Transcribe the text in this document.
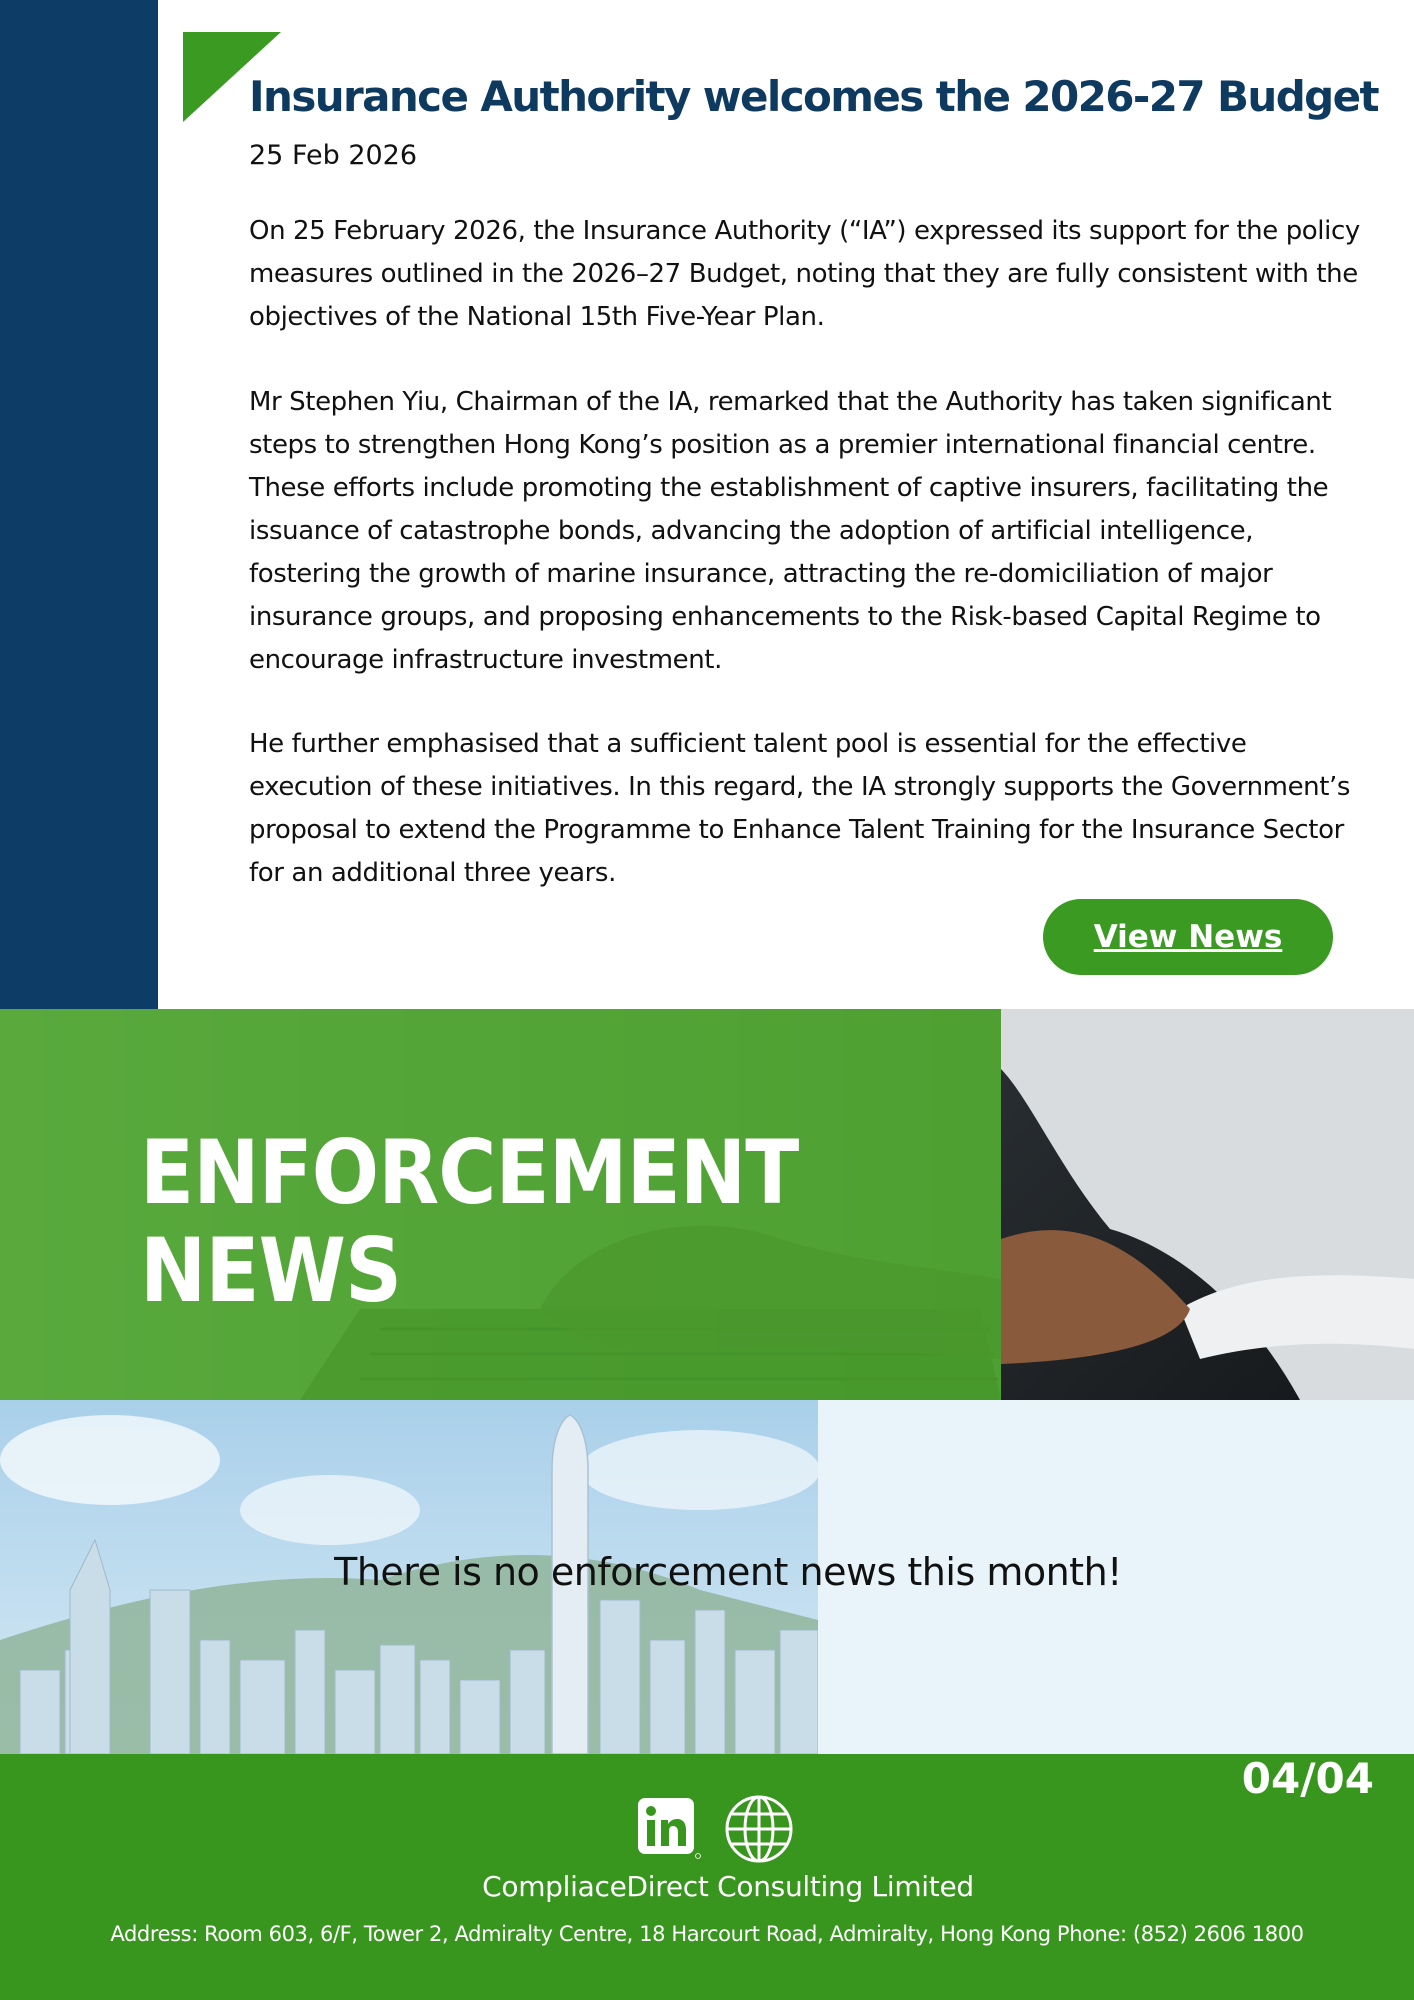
Insurance Authority welcomes the 2026-27 Budget
25 Feb 2026

On 25 February 2026, the Insurance Authority (“IA”) expressed its support for the policy measures outlined in the 2026–27 Budget, noting that they are fully consistent with the objectives of the National 15th Five-Year Plan.

Mr Stephen Yiu, Chairman of the IA, remarked that the Authority has taken significant steps to strengthen Hong Kong’s position as a premier international financial centre. These efforts include promoting the establishment of captive insurers, facilitating the issuance of catastrophe bonds, advancing the adoption of artificial intelligence, fostering the growth of marine insurance, attracting the re-domiciliation of major insurance groups, and proposing enhancements to the Risk-based Capital Regime to encourage infrastructure investment.

He further emphasised that a sufficient talent pool is essential for the effective execution of these initiatives. In this regard, the IA strongly supports the Government’s proposal to extend the Programme to Enhance Talent Training for the Insurance Sector for an additional three years.

View News
ENFORCEMENT
NEWS
There is no enforcement news this month!
04/04
CompliaceDirect Consulting Limited
Address: Room 603, 6/F, Tower 2, Admiralty Centre, 18 Harcourt Road, Admiralty, Hong Kong Phone: (852) 2606 1800
